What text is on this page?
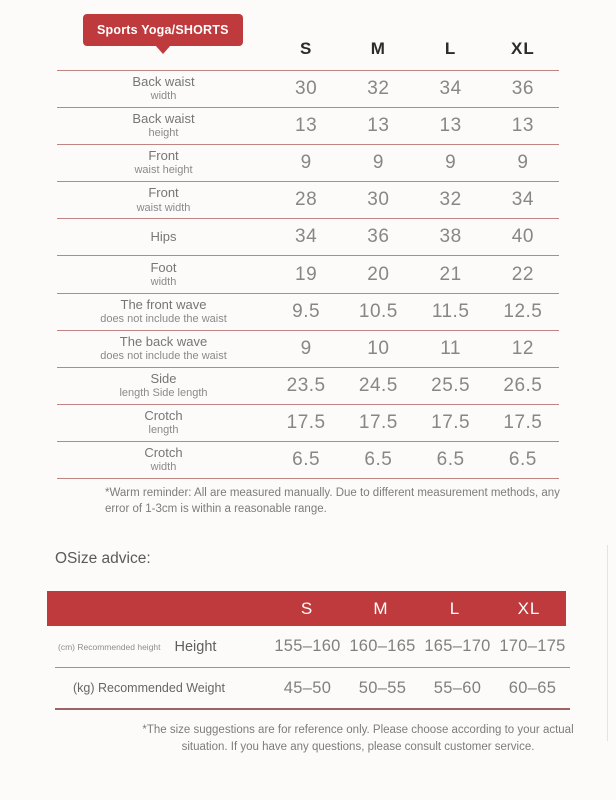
Sports Yoga/SHORTS
S	M	L	XL
Back waist
width	30	32	34	36
Back waist
height	13	13	13	13
Front
waist height	9	9	9	9
Front
waist width	28	30	32	34
Hips	34	36	38	40
Foot
width	19	20	21	22
The front wave
does not include the waist	9.5	10.5	11.5	12.5
The back wave
does not include the waist	9	10	11	12
Side
length Side length	23.5	24.5	25.5	26.5
Crotch
length	17.5	17.5	17.5	17.5
Crotch
width	6.5	6.5	6.5	6.5
*Warm reminder: All are measured manually. Due to different measurement methods, any error of 1-3cm is within a reasonable range.
OSize advice:
S	M	L	XL
(cm) Recommended height Height	155–160 160–165 165–170 170–175
(kg) Recommended Weight	45–50	50–55	55–60	60–65
*The size suggestions are for reference only. Please choose according to your actual situation. If you have any questions, please consult customer service.
